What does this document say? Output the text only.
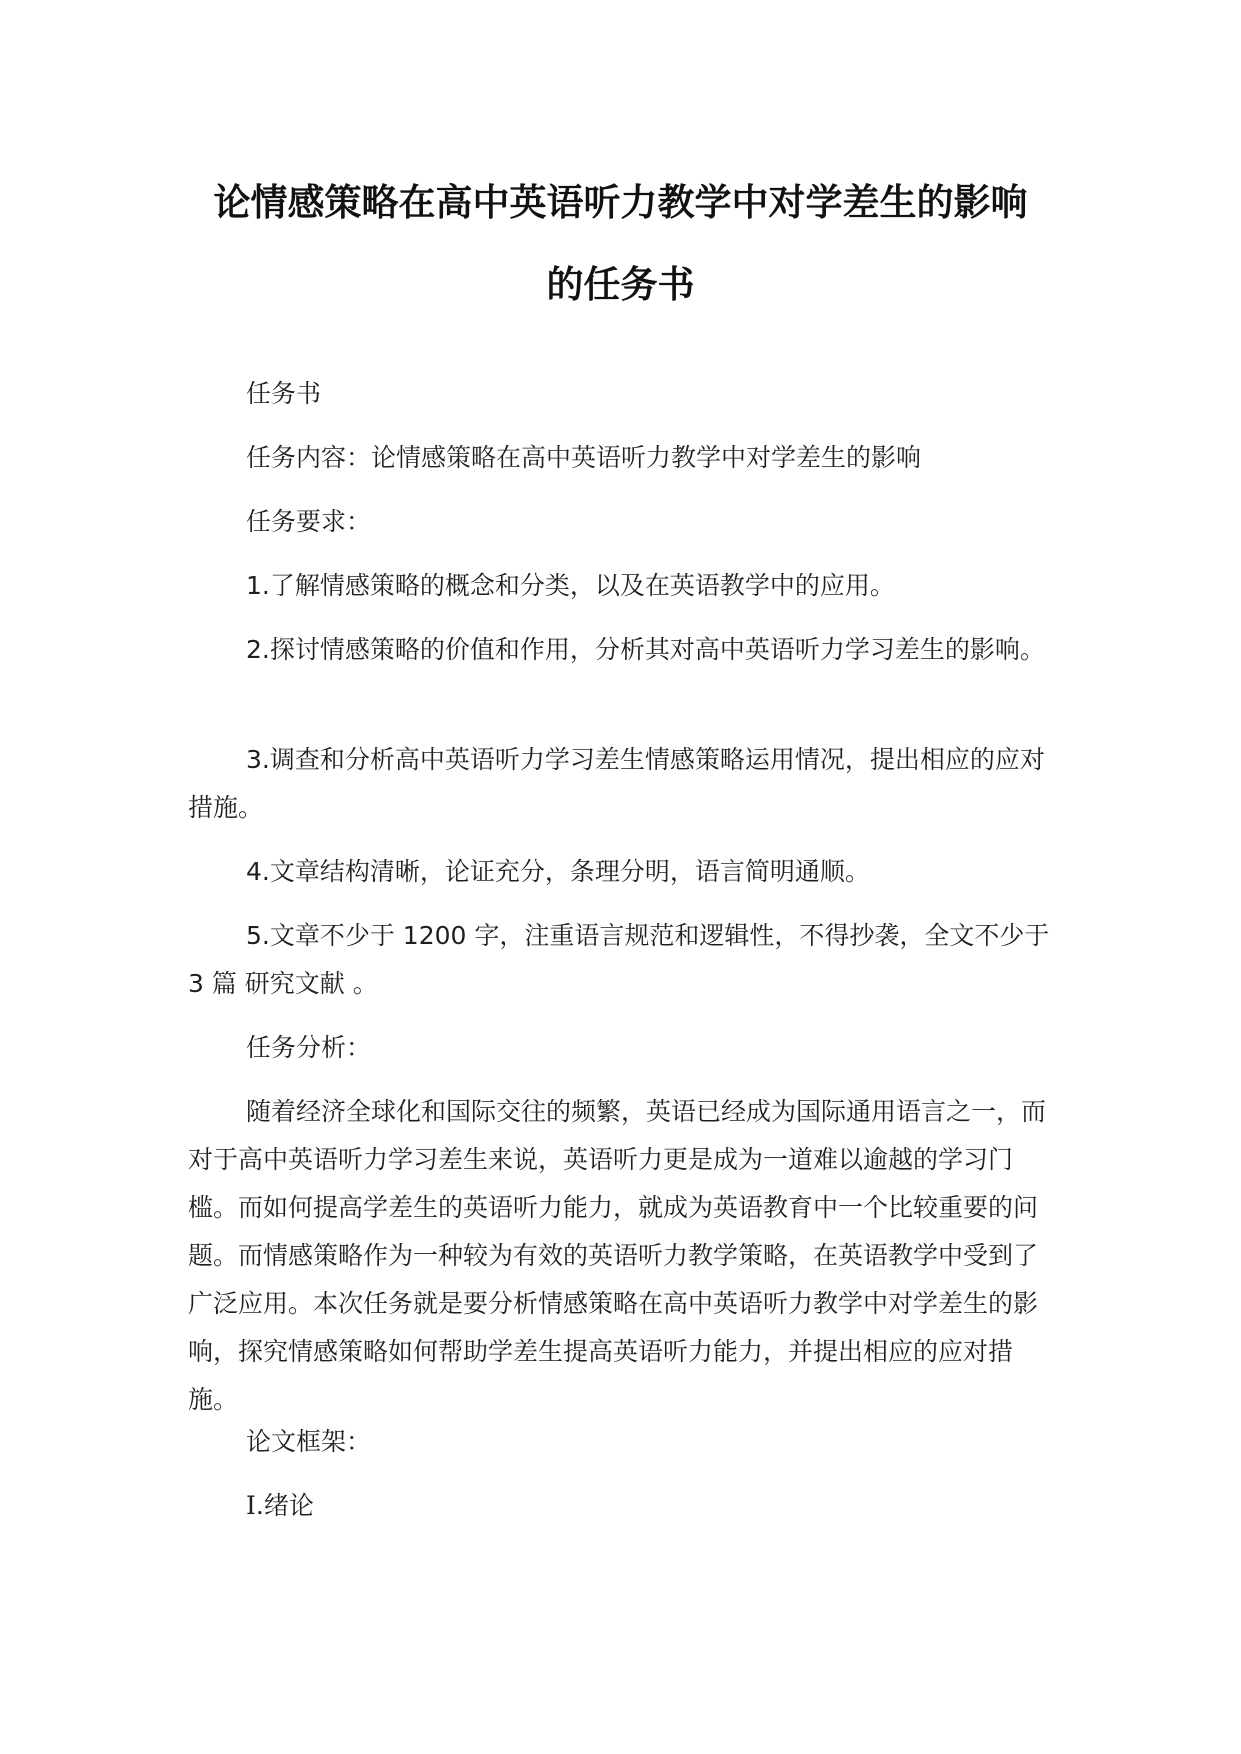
论情感策略在高中英语听力教学中对学差生的影响
的任务书
任务书
任务内容：论情感策略在高中英语听力教学中对学差生的影响
任务要求：
1.了解情感策略的概念和分类，以及在英语教学中的应用。
2.探讨情感策略的价值和作用，分析其对高中英语听力学习差生的影响。
3.调查和分析高中英语听力学习差生情感策略运用情况，提出相应的应对措施。
4.文章结构清晰，论证充分，条理分明，语言简明通顺。
5.文章不少于 1200 字，注重语言规范和逻辑性，不得抄袭，全文不少于 3 篇 研究文献 。
任务分析：
随着经济全球化和国际交往的频繁，英语已经成为国际通用语言之一，而对于高中英语听力学习差生来说，英语听力更是成为一道难以逾越的学习门槛。而如何提高学差生的英语听力能力，就成为英语教育中一个比较重要的问题。而情感策略作为一种较为有效的英语听力教学策略，在英语教学中受到了广泛应用。本次任务就是要分析情感策略在高中英语听力教学中对学差生的影响，探究情感策略如何帮助学差生提高英语听力能力，并提出相应的应对措施。
论文框架：
I.绪论
